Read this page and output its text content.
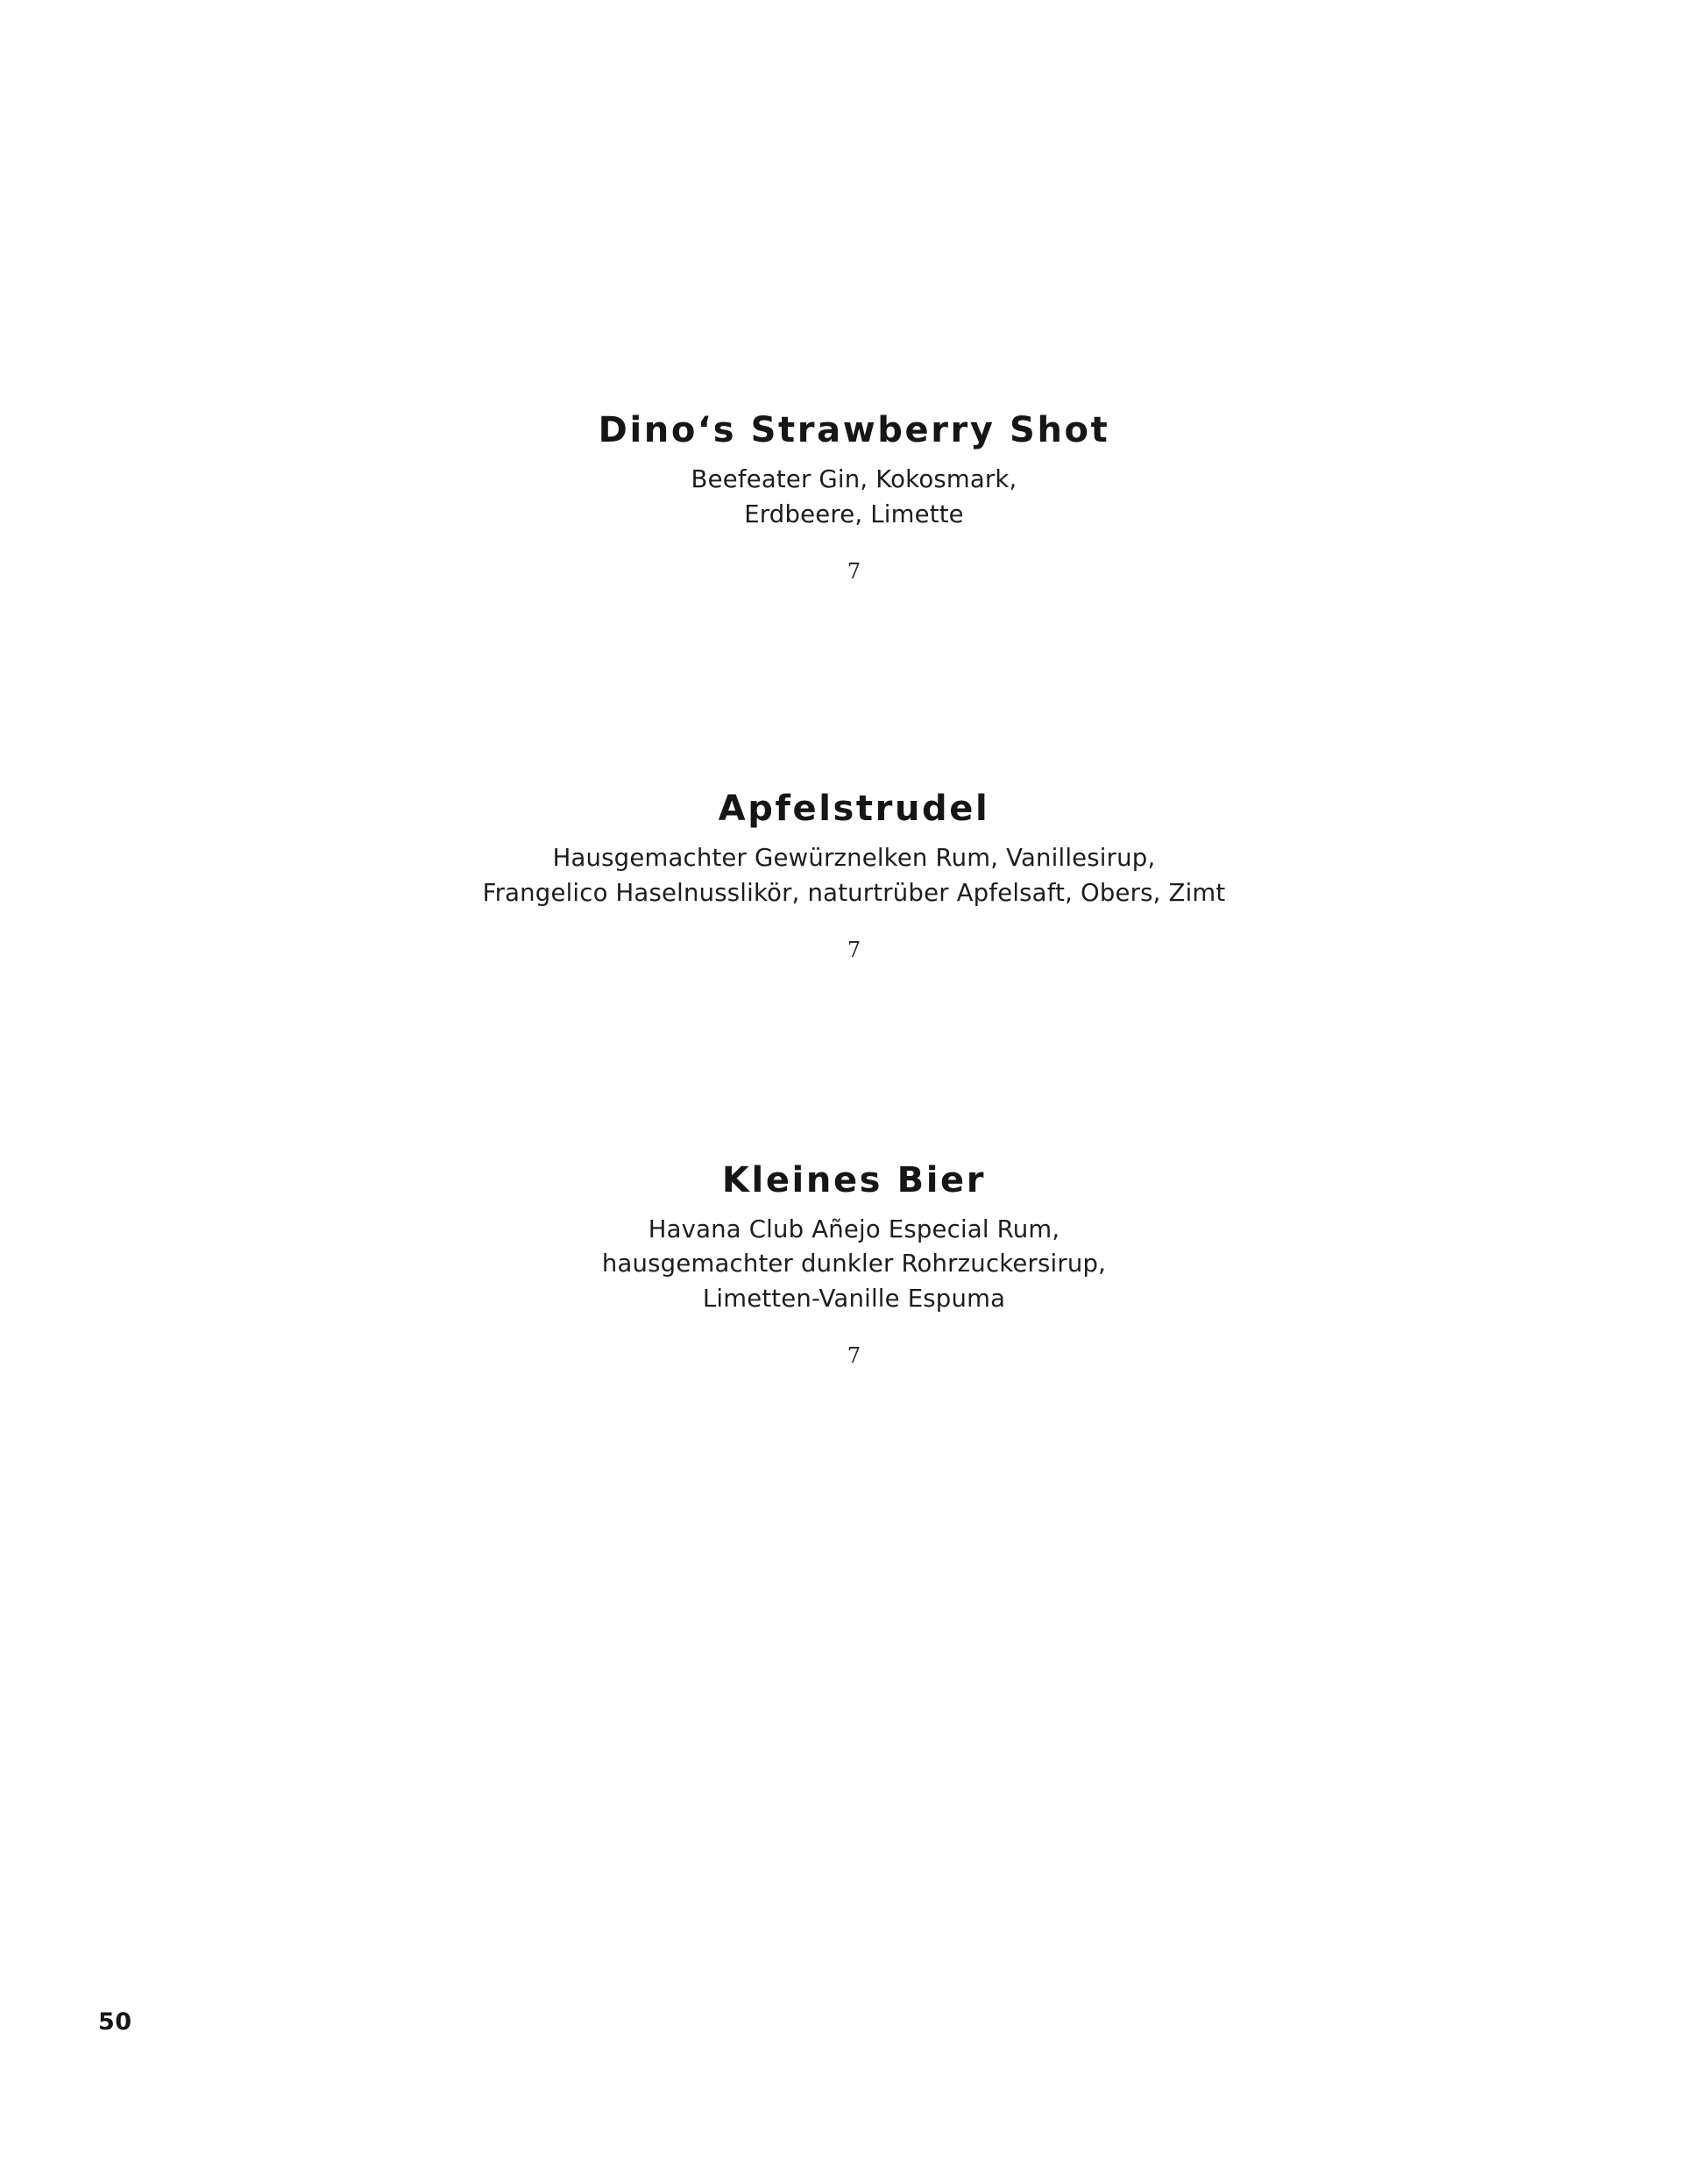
Dino‘s Strawberry Shot
Beefeater Gin, Kokosmark,
Erdbeere, Limette
7
Apfelstrudel
Hausgemachter Gewürznelken Rum, Vanillesirup,
Frangelico Haselnusslikör, naturtrüber Apfelsaft, Obers, Zimt
7
Kleines Bier
Havana Club Añejo Especial Rum,
hausgemachter dunkler Rohrzuckersirup,
Limetten-Vanille Espuma
7
50
